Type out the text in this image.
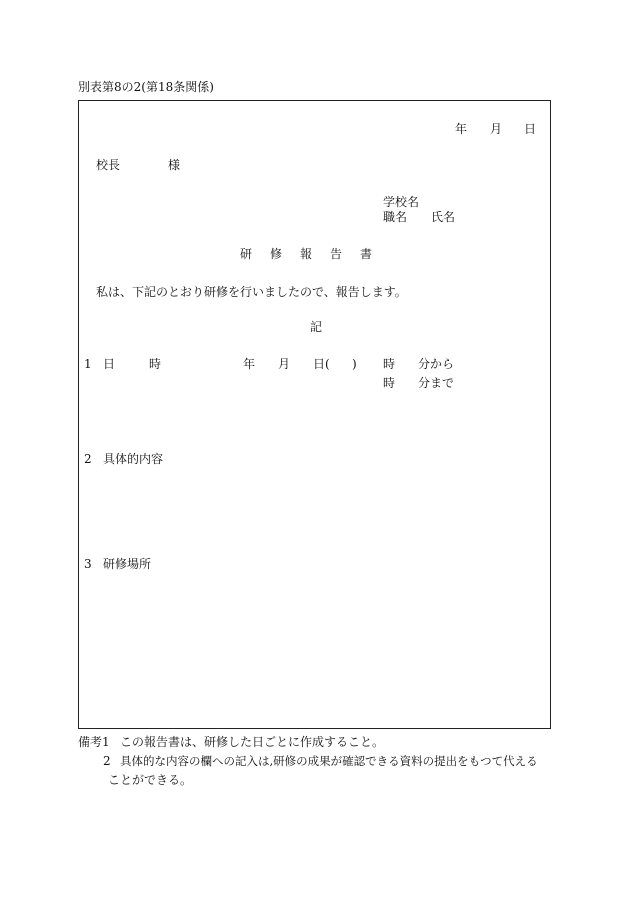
別表第8の2(第18条関係)
年 月 日
校長	様
学校名
職名 氏名
研修報告書
私は、下記のとおり研修を行いましたので、報告します。
記
1 日	時	年 月 日( ) 時 分から
時 分まで
2 具体的内容
3 研修場所
備考1 この報告書は、研修した日ごとに作成すること。
2 具体的な内容の欄への記入は,研修の成果が確認できる資料の提出をもつて代える
ことができる。
